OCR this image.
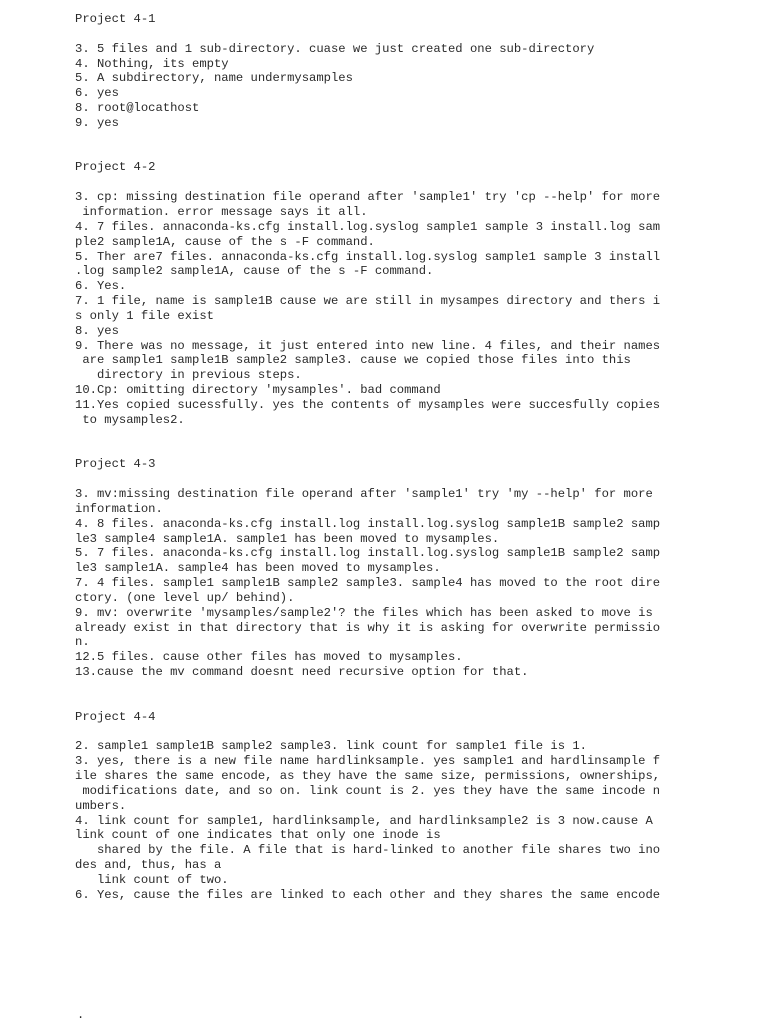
Project 4-1
3. 5 files and 1 sub-directory. cuase we just created one sub-directory
4. Nothing, its empty
5. A subdirectory, name undermysamples
6. yes
8. root@locathost
9. yes
Project 4-2
3. cp: missing destination file operand after 'sample1' try 'cp --help' for more
information. error message says it all.
4. 7 files. annaconda-ks.cfg install.log.syslog sample1 sample 3 install.log sam
ple2 sample1A, cause of the s -F command.
5. Ther are7 files. annaconda-ks.cfg install.log.syslog sample1 sample 3 install
.log sample2 sample1A, cause of the s -F command.
6. Yes.
7. 1 file, name is sample1B cause we are still in mysampes directory and thers i
s only 1 file exist
8. yes
9. There was no message, it just entered into new line. 4 files, and their names
are sample1 sample1B sample2 sample3. cause we copied those files into this
directory in previous steps.
10.Cp: omitting directory 'mysamples'. bad command
11.Yes copied sucessfully. yes the contents of mysamples were succesfully copies
to mysamples2.
Project 4-3
3. mv:missing destination file operand after 'sample1' try 'my --help' for more
information.
4. 8 files. anaconda-ks.cfg install.log install.log.syslog sample1B sample2 samp
le3 sample4 sample1A. sample1 has been moved to mysamples.
5. 7 files. anaconda-ks.cfg install.log install.log.syslog sample1B sample2 samp
le3 sample1A. sample4 has been moved to mysamples.
7. 4 files. sample1 sample1B sample2 sample3. sample4 has moved to the root dire
ctory. (one level up/ behind).
9. mv: overwrite 'mysamples/sample2'? the files which has been asked to move is
already exist in that directory that is why it is asking for overwrite permissio
n.
12.5 files. cause other files has moved to mysamples.
13.cause the mv command doesnt need recursive option for that.
Project 4-4
2. sample1 sample1B sample2 sample3. link count for sample1 file is 1.
3. yes, there is a new file name hardlinksample. yes sample1 and hardlinsample f
ile shares the same encode, as they have the same size, permissions, ownerships,
modifications date, and so on. link count is 2. yes they have the same incode n
umbers.
4. link count for sample1, hardlinksample, and hardlinksample2 is 3 now.cause A
link count of one indicates that only one inode is
shared by the file. A file that is hard-linked to another file shares two ino
des and, thus, has a
link count of two.
6. Yes, cause the files are linked to each other and they shares the same encode
.
